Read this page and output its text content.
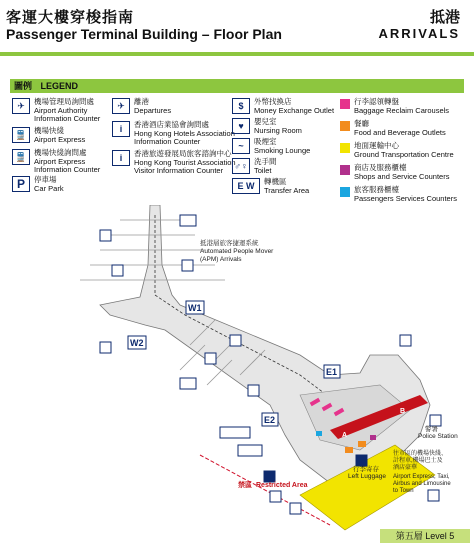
客運大樓穿梭指南
Passenger Terminal Building – Floor Plan
抵港
ARRIVALS
圖例 LEGEND
✈	機場管理局詢問處
Airport Authority
Information Counter
🚆 機場快綫
Airport Express
🚆 機場快綫詢問處
Airport Express
Information Counter
P	停車場
Car Park
✈	離港
Departures
i	香港酒店業協會詢問處
Hong Kong Hotels Association
Information Counter
i	香港旅遊發展局旅客諮詢中心
Hong Kong Tourist Association
Visitor Information Counter
$	外幣找換店
Money Exchange Outlet
♥	嬰兒室
Nursing Room
~	吸煙室
Smoking Lounge
♂♀ 洗手間
Toilet
E W	轉機區
Transfer Area
行李認領轉盤
Baggage Reclaim Carousels
餐廳
Food and Beverage Outlets
地面運輸中心
Ground Transportation Centre
商店及服務櫃檯
Shops and Service Counters
旅客服務櫃檯
Passengers Services Counters
A
B
W1
W2
E1
E2
抵港層旅客捷運系統
Automated People Mover
(APM) Arrivals
禁區 Restricted Area
警署
Police Station
行李寄存
Left Luggage
往市區的機場快綫、
計程車,機場巴士及
酒店豪華
Airport Express, Taxi,
Airbus and Limousine
to Town
第五層 Level 5
